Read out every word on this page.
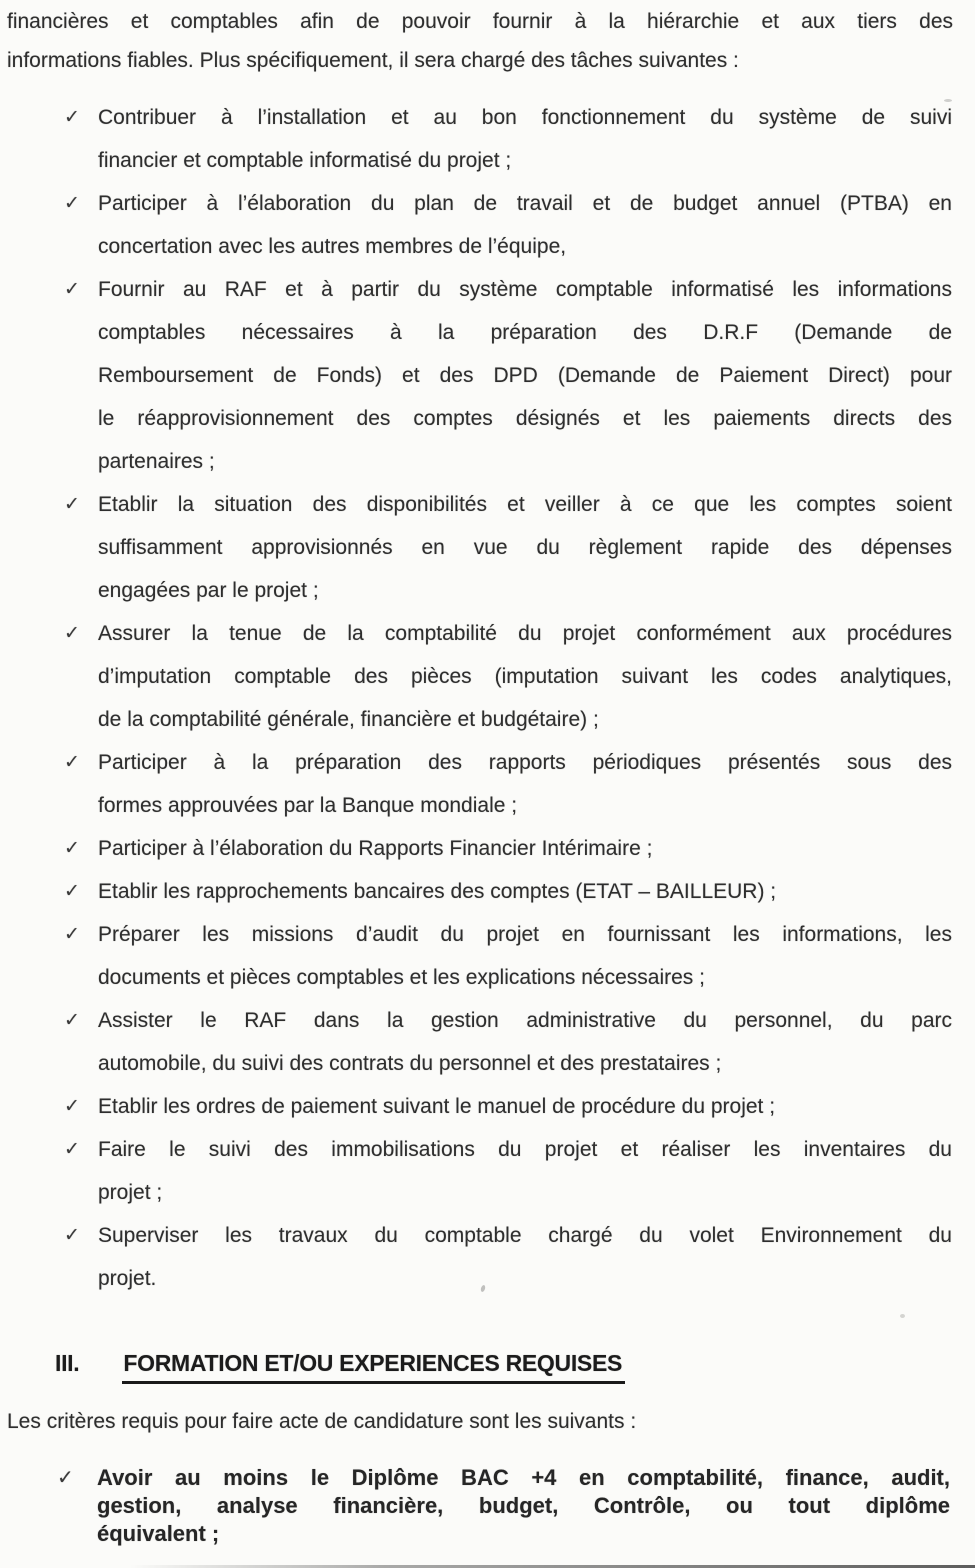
financières et comptables afin de pouvoir fournir à la hiérarchie et aux tiers des
informations fiables. Plus spécifiquement, il sera chargé des tâches suivantes :
✓ Contribuer à l’installation et au bon fonctionnement du système de suivi
financier et comptable informatisé du projet ;
✓ Participer à l’élaboration du plan de travail et de budget annuel (PTBA) en
concertation avec les autres membres de l’équipe,
✓ Fournir au RAF et à partir du système comptable informatisé les informations
comptables nécessaires à la préparation des D.R.F (Demande de
Remboursement de Fonds) et des DPD (Demande de Paiement Direct) pour
le réapprovisionnement des comptes désignés et les paiements directs des
partenaires ;
✓ Etablir la situation des disponibilités et veiller à ce que les comptes soient
suffisamment approvisionnés en vue du règlement rapide des dépenses
engagées par le projet ;
✓ Assurer la tenue de la comptabilité du projet conformément aux procédures
d’imputation comptable des pièces (imputation suivant les codes analytiques,
de la comptabilité générale, financière et budgétaire) ;
✓ Participer à la préparation des rapports périodiques présentés sous des
formes approuvées par la Banque mondiale ;
✓ Participer à l’élaboration du Rapports Financier Intérimaire ;
✓ Etablir les rapprochements bancaires des comptes (ETAT – BAILLEUR) ;
✓ Préparer les missions d’audit du projet en fournissant les informations, les
documents et pièces comptables et les explications nécessaires ;
✓ Assister le RAF dans la gestion administrative du personnel, du parc
automobile, du suivi des contrats du personnel et des prestataires ;
✓ Etablir les ordres de paiement suivant le manuel de procédure du projet ;
✓ Faire le suivi des immobilisations du projet et réaliser les inventaires du
projet ;
✓ Superviser les travaux du comptable chargé du volet Environnement du
projet.
III. FORMATION ET/OU EXPERIENCES REQUISES
Les critères requis pour faire acte de candidature sont les suivants :
✓	Avoir au moins le Diplôme BAC +4 en comptabilité, finance, audit,
gestion, analyse financière, budget, Contrôle, ou tout diplôme
équivalent ;
